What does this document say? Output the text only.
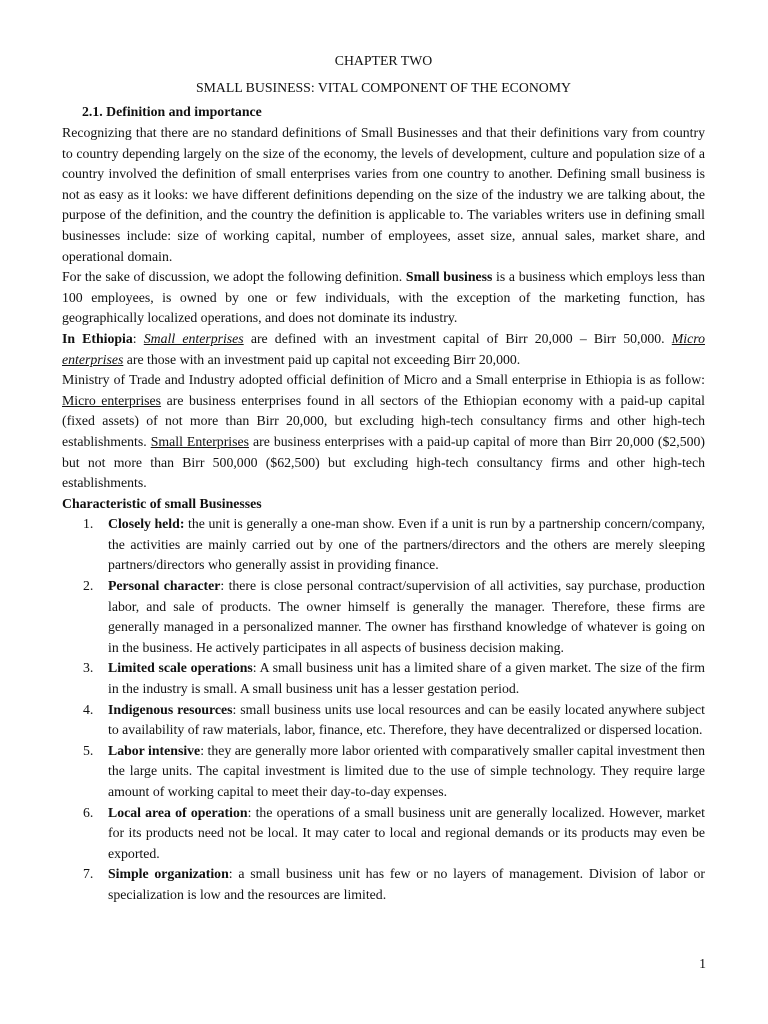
CHAPTER TWO
SMALL BUSINESS: VITAL COMPONENT OF THE ECONOMY
2.1. Definition and importance

Recognizing that there are no standard definitions of Small Businesses and that their definitions vary from country to country depending largely on the size of the economy, the levels of development, culture and population size of a country involved the definition of small enterprises varies from one country to another. Defining small business is not as easy as it looks: we have different definitions depending on the size of the industry we are talking about, the purpose of the definition, and the country the definition is applicable to. The variables writers use in defining small businesses include: size of working capital, number of employees, asset size, annual sales, market share, and operational domain.

For the sake of discussion, we adopt the following definition. Small business is a business which employs less than 100 employees, is owned by one or few individuals, with the exception of the marketing function, has geographically localized operations, and does not dominate its industry.

In Ethiopia: Small enterprises are defined with an investment capital of Birr 20,000 – Birr 50,000. Micro enterprises are those with an investment paid up capital not exceeding Birr 20,000.

Ministry of Trade and Industry adopted official definition of Micro and a Small enterprise in Ethiopia is as follow: Micro enterprises are business enterprises found in all sectors of the Ethiopian economy with a paid-up capital (fixed assets) of not more than Birr 20,000, but excluding high-tech consultancy firms and other high-tech establishments. Small Enterprises are business enterprises with a paid-up capital of more than Birr 20,000 ($2,500) but not more than Birr 500,000 ($62,500) but excluding high-tech consultancy firms and other high-tech establishments.

Characteristic of small Businesses

1. Closely held: the unit is generally a one-man show. Even if a unit is run by a partnership concern/company, the activities are mainly carried out by one of the partners/directors and the others are merely sleeping partners/directors who generally assist in providing finance.
2. Personal character: there is close personal contract/supervision of all activities, say purchase, production labor, and sale of products. The owner himself is generally the manager. Therefore, these firms are generally managed in a personalized manner. The owner has firsthand knowledge of whatever is going on in the business. He actively participates in all aspects of business decision making.
3. Limited scale operations: A small business unit has a limited share of a given market. The size of the firm in the industry is small. A small business unit has a lesser gestation period.
4. Indigenous resources: small business units use local resources and can be easily located anywhere subject to availability of raw materials, labor, finance, etc. Therefore, they have decentralized or dispersed location.
5. Labor intensive: they are generally more labor oriented with comparatively smaller capital investment then the large units. The capital investment is limited due to the use of simple technology. They require large amount of working capital to meet their day-to-day expenses.
6. Local area of operation: the operations of a small business unit are generally localized. However, market for its products need not be local. It may cater to local and regional demands or its products may even be exported.
7. Simple organization: a small business unit has few or no layers of management. Division of labor or specialization is low and the resources are limited.
1
